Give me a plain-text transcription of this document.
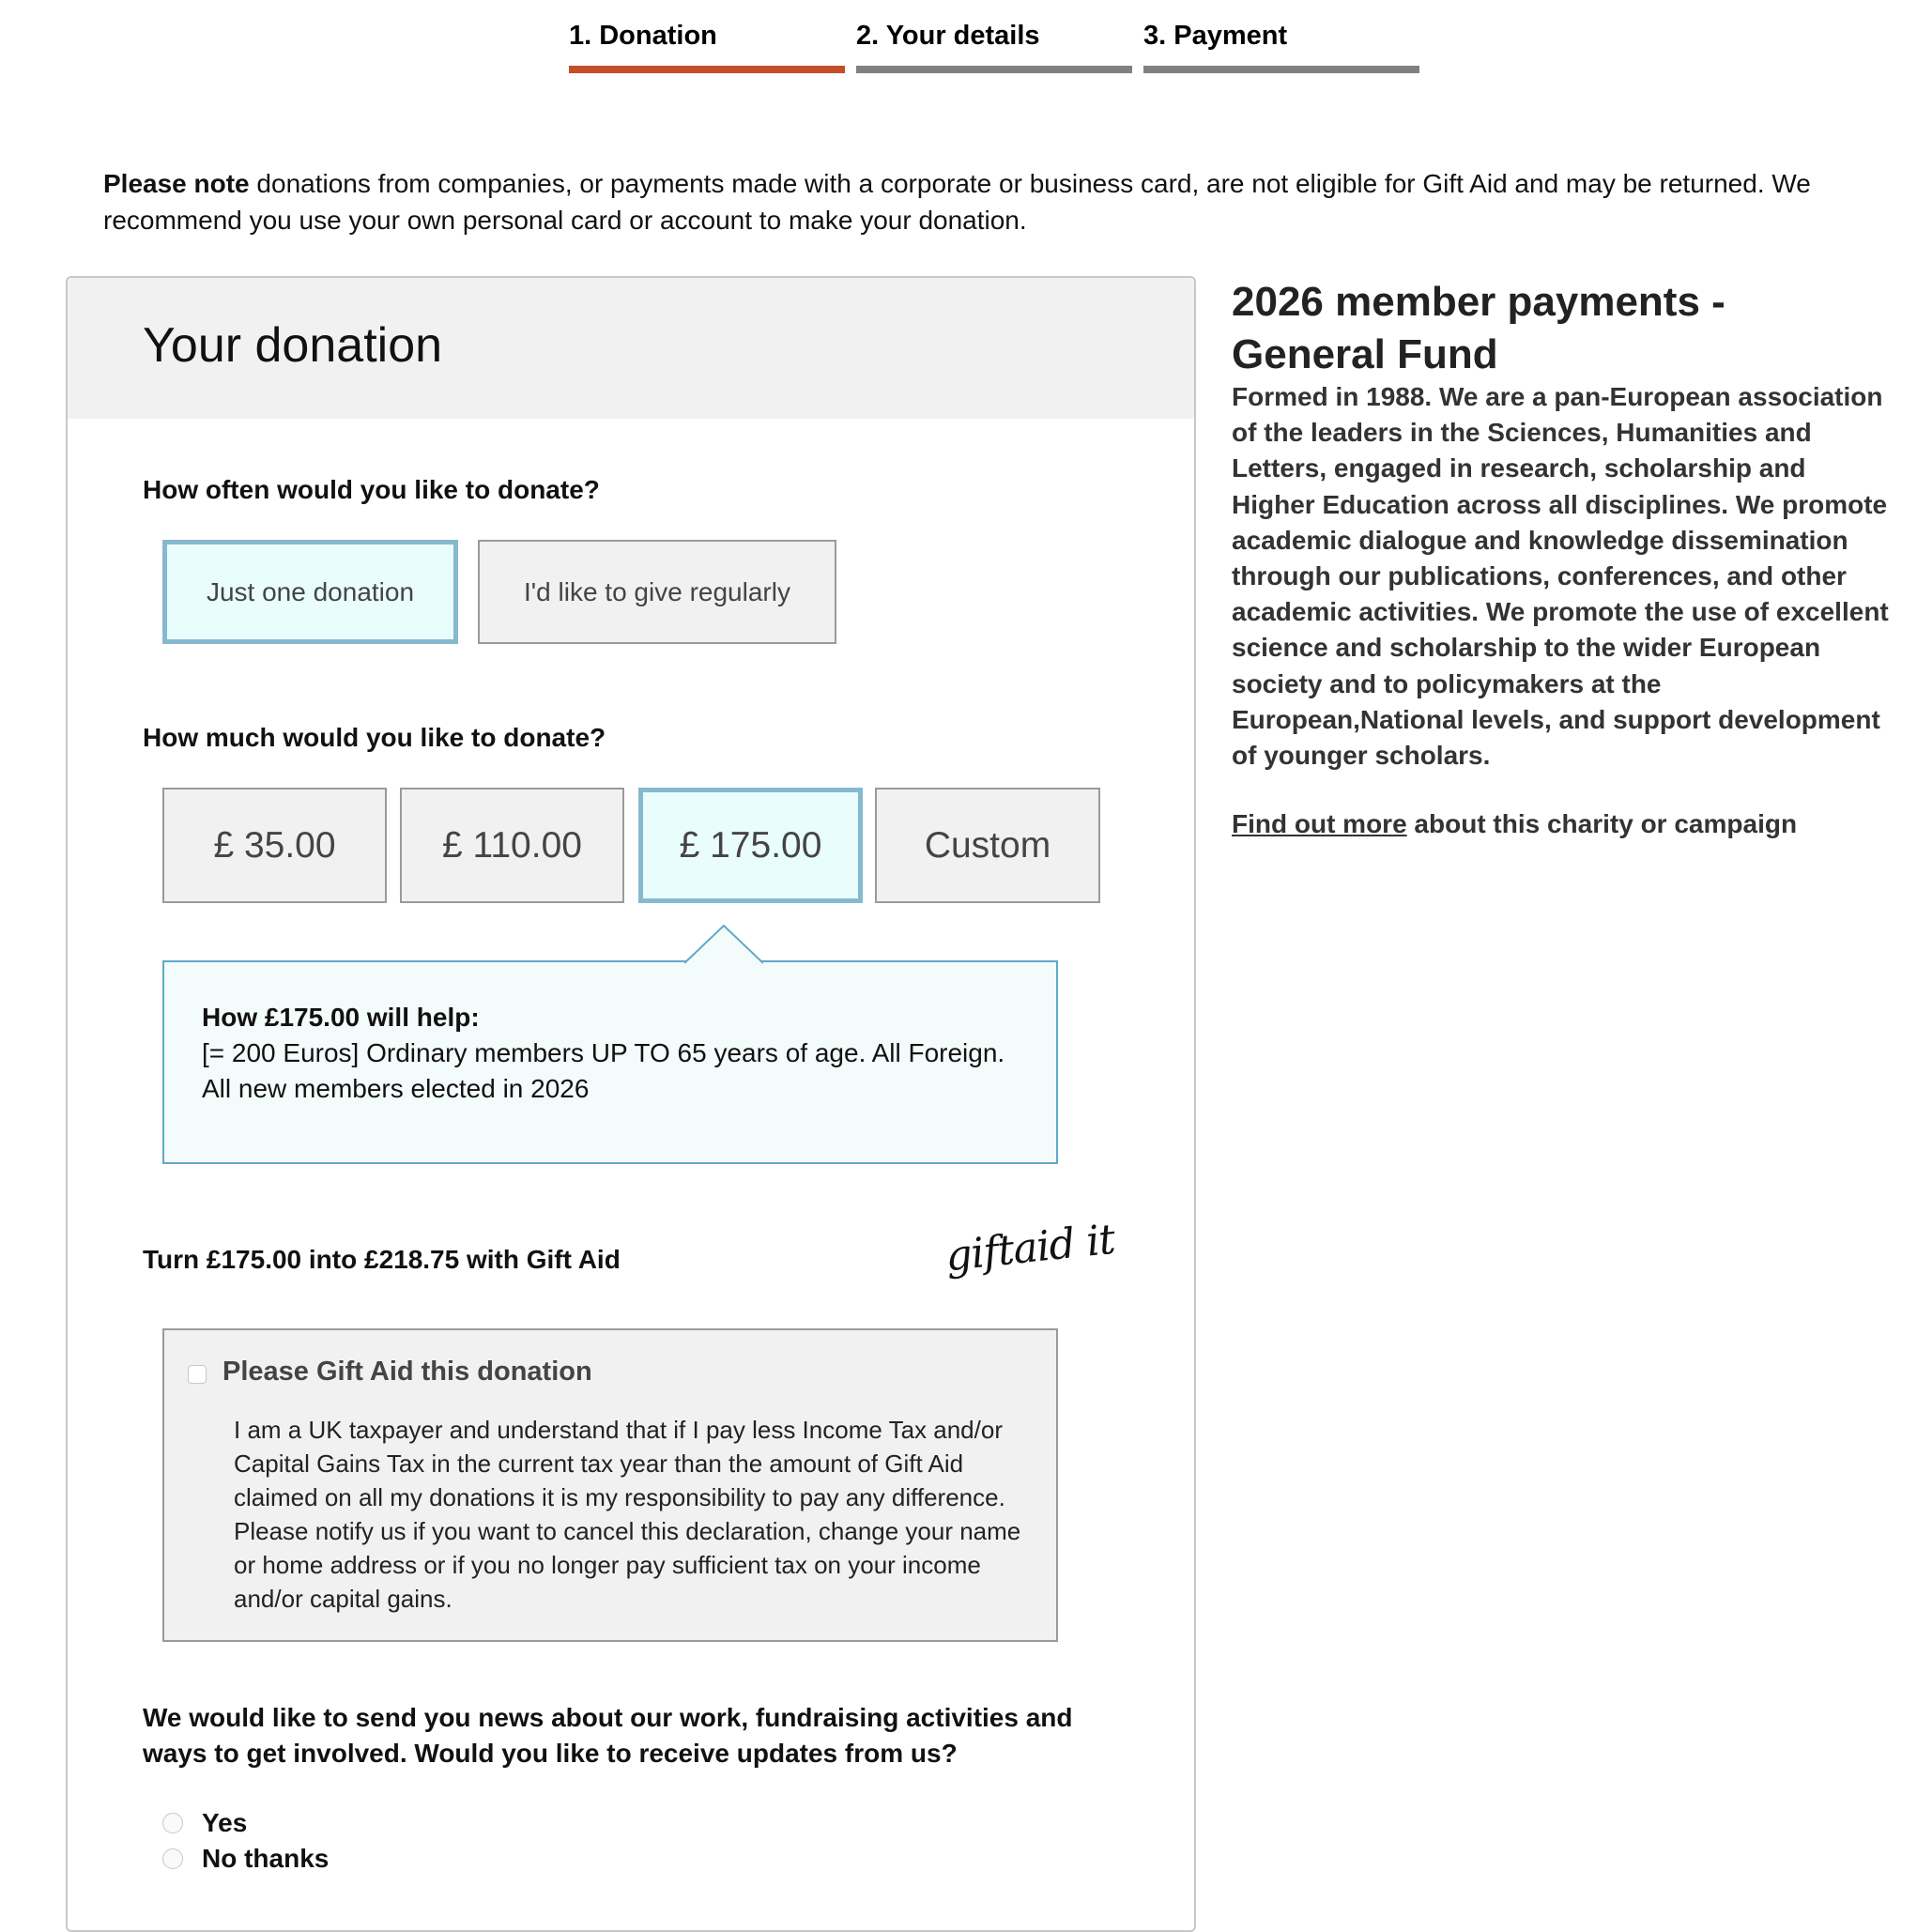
1. Donation	2. Your details	3. Payment
Please note donations from companies, or payments made with a corporate or business card, are not eligible for Gift Aid and may be returned. We recommend you use your own personal card or account to make your donation.
Your donation
How often would you like to donate?
Just one donation	I'd like to give regularly
How much would you like to donate?
£ 35.00	£ 110.00	£ 175.00	Custom
How £175.00 will help:
[= 200 Euros] Ordinary members UP TO 65 years of age. All Foreign.
All new members elected in 2026
Turn £175.00 into £218.75 with Gift Aid	giftaid it
Please Gift Aid this donation
I am a UK taxpayer and understand that if I pay less Income Tax and/or Capital Gains Tax in the current tax year than the amount of Gift Aid claimed on all my donations it is my responsibility to pay any difference. Please notify us if you want to cancel this declaration, change your name or home address or if you no longer pay sufficient tax on your income and/or capital gains.
We would like to send you news about our work, fundraising activities and ways to get involved. Would you like to receive updates from us?
Yes
No thanks
2026 member payments - General Fund
Formed in 1988. We are a pan-European association of the leaders in the Sciences, Humanities and Letters, engaged in research, scholarship and Higher Education across all disciplines. We promote academic dialogue and knowledge dissemination through our publications, conferences, and other academic activities. We promote the use of excellent science and scholarship to the wider European society and to policymakers at the European,National levels, and support development of younger scholars.
Find out more about this charity or campaign
